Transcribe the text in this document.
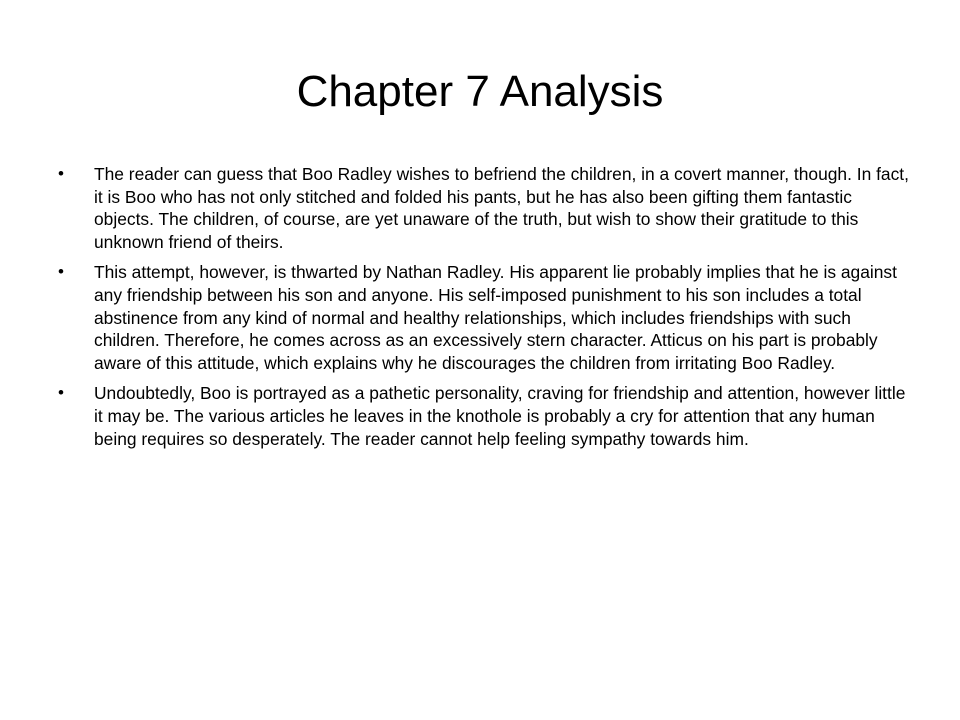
Chapter 7 Analysis
• The reader can guess that Boo Radley wishes to befriend the children, in a covert manner, though. In fact, it is Boo who has not only stitched and folded his pants, but he has also been gifting them fantastic objects. The children, of course, are yet unaware of the truth, but wish to show their gratitude to this unknown friend of theirs.
• This attempt, however, is thwarted by Nathan Radley. His apparent lie probably implies that he is against any friendship between his son and anyone. His self-imposed punishment to his son includes a total abstinence from any kind of normal and healthy relationships, which includes friendships with such children. Therefore, he comes across as an excessively stern character. Atticus on his part is probably aware of this attitude, which explains why he discourages the children from irritating Boo Radley.
• Undoubtedly, Boo is portrayed as a pathetic personality, craving for friendship and attention, however little it may be. The various articles he leaves in the knothole is probably a cry for attention that any human being requires so desperately. The reader cannot help feeling sympathy towards him.
